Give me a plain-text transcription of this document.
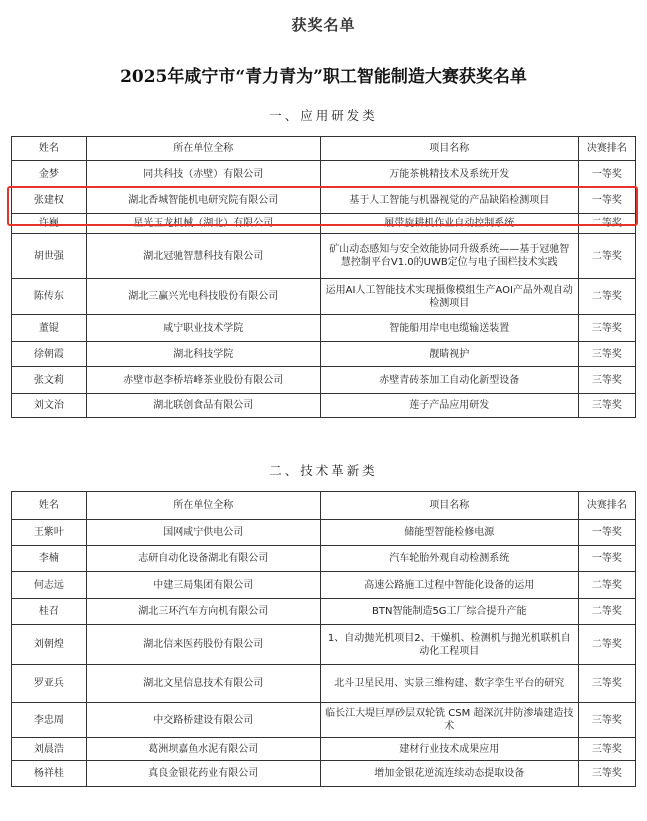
获奖名单
2025年咸宁市“青力青为”职工智能制造大赛获奖名单
一、应用研发类
姓名	所在单位全称	项目名称	决赛排名
金梦	同共科技（赤壁）有限公司	万能茶桃精技术及系统开发	一等奖
张建权	湖北香城智能机电研究院有限公司	基于人工智能与机器视觉的产品缺陷检测项目	一等奖
许巍	星光玉龙机械（湖北）有限公司	履带旋耕机作业自动控制系统	二等奖
胡世强	湖北冠驰智慧科技有限公司	矿山动态感知与安全效能协同升级系统——基于冠驰智慧控制平台V1.0的UWB定位与电子围栏技术实践	二等奖
陈传东	湖北三赢兴光电科技股份有限公司	运用AI人工智能技术实现摄像模组生产AOI产品外观自动检测项目	二等奖
董锟	咸宁职业技术学院	智能船用岸电电缆输送装置	三等奖
徐朝霞	湖北科技学院	靓睛视护	三等奖
张文莉	赤壁市赵李桥培峰茶业股份有限公司	赤壁青砖茶加工自动化新型设备	三等奖
刘文治	湖北联创食品有限公司	莲子产品应用研发	三等奖
二、技术革新类
姓名	所在单位全称	项目名称	决赛排名
王紫叶	国网咸宁供电公司	储能型智能检修电源	一等奖
李楠	志研自动化设备湖北有限公司	汽车轮胎外观自动检测系统	一等奖
何志远	中建三局集团有限公司	高速公路施工过程中智能化设备的运用	二等奖
桂召	湖北三环汽车方向机有限公司	BTN智能制造5G工厂综合提升产能	二等奖
刘朝煌	湖北信来医药股份有限公司	1、自动抛光机项目2、干燥机、检测机与抛光机联机自动化工程项目	二等奖
罗亚兵	湖北文星信息技术有限公司	北斗卫星民用、实景三维构建、数字孪生平台的研究	三等奖
李忠周	中交路桥建设有限公司	临长江大堤巨厚砂层双轮铣 CSM 超深沉井防渗墙建造技术	三等奖
刘晨浩	葛洲坝嘉鱼水泥有限公司	建材行业技术成果应用	三等奖
杨祥桂	真良金银花药业有限公司	增加金银花逆流连续动态提取设备	三等奖
